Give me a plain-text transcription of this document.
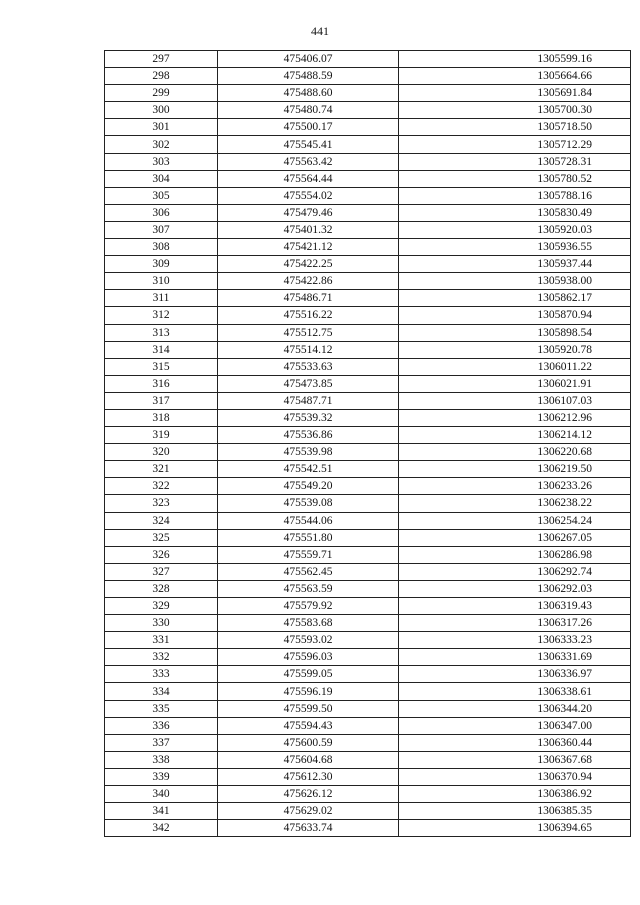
441
297	475406.07	1305599.16
298	475488.59	1305664.66
299	475488.60	1305691.84
300	475480.74	1305700.30
301	475500.17	1305718.50
302	475545.41	1305712.29
303	475563.42	1305728.31
304	475564.44	1305780.52
305	475554.02	1305788.16
306	475479.46	1305830.49
307	475401.32	1305920.03
308	475421.12	1305936.55
309	475422.25	1305937.44
310	475422.86	1305938.00
311	475486.71	1305862.17
312	475516.22	1305870.94
313	475512.75	1305898.54
314	475514.12	1305920.78
315	475533.63	1306011.22
316	475473.85	1306021.91
317	475487.71	1306107.03
318	475539.32	1306212.96
319	475536.86	1306214.12
320	475539.98	1306220.68
321	475542.51	1306219.50
322	475549.20	1306233.26
323	475539.08	1306238.22
324	475544.06	1306254.24
325	475551.80	1306267.05
326	475559.71	1306286.98
327	475562.45	1306292.74
328	475563.59	1306292.03
329	475579.92	1306319.43
330	475583.68	1306317.26
331	475593.02	1306333.23
332	475596.03	1306331.69
333	475599.05	1306336.97
334	475596.19	1306338.61
335	475599.50	1306344.20
336	475594.43	1306347.00
337	475600.59	1306360.44
338	475604.68	1306367.68
339	475612.30	1306370.94
340	475626.12	1306386.92
341	475629.02	1306385.35
342	475633.74	1306394.65
